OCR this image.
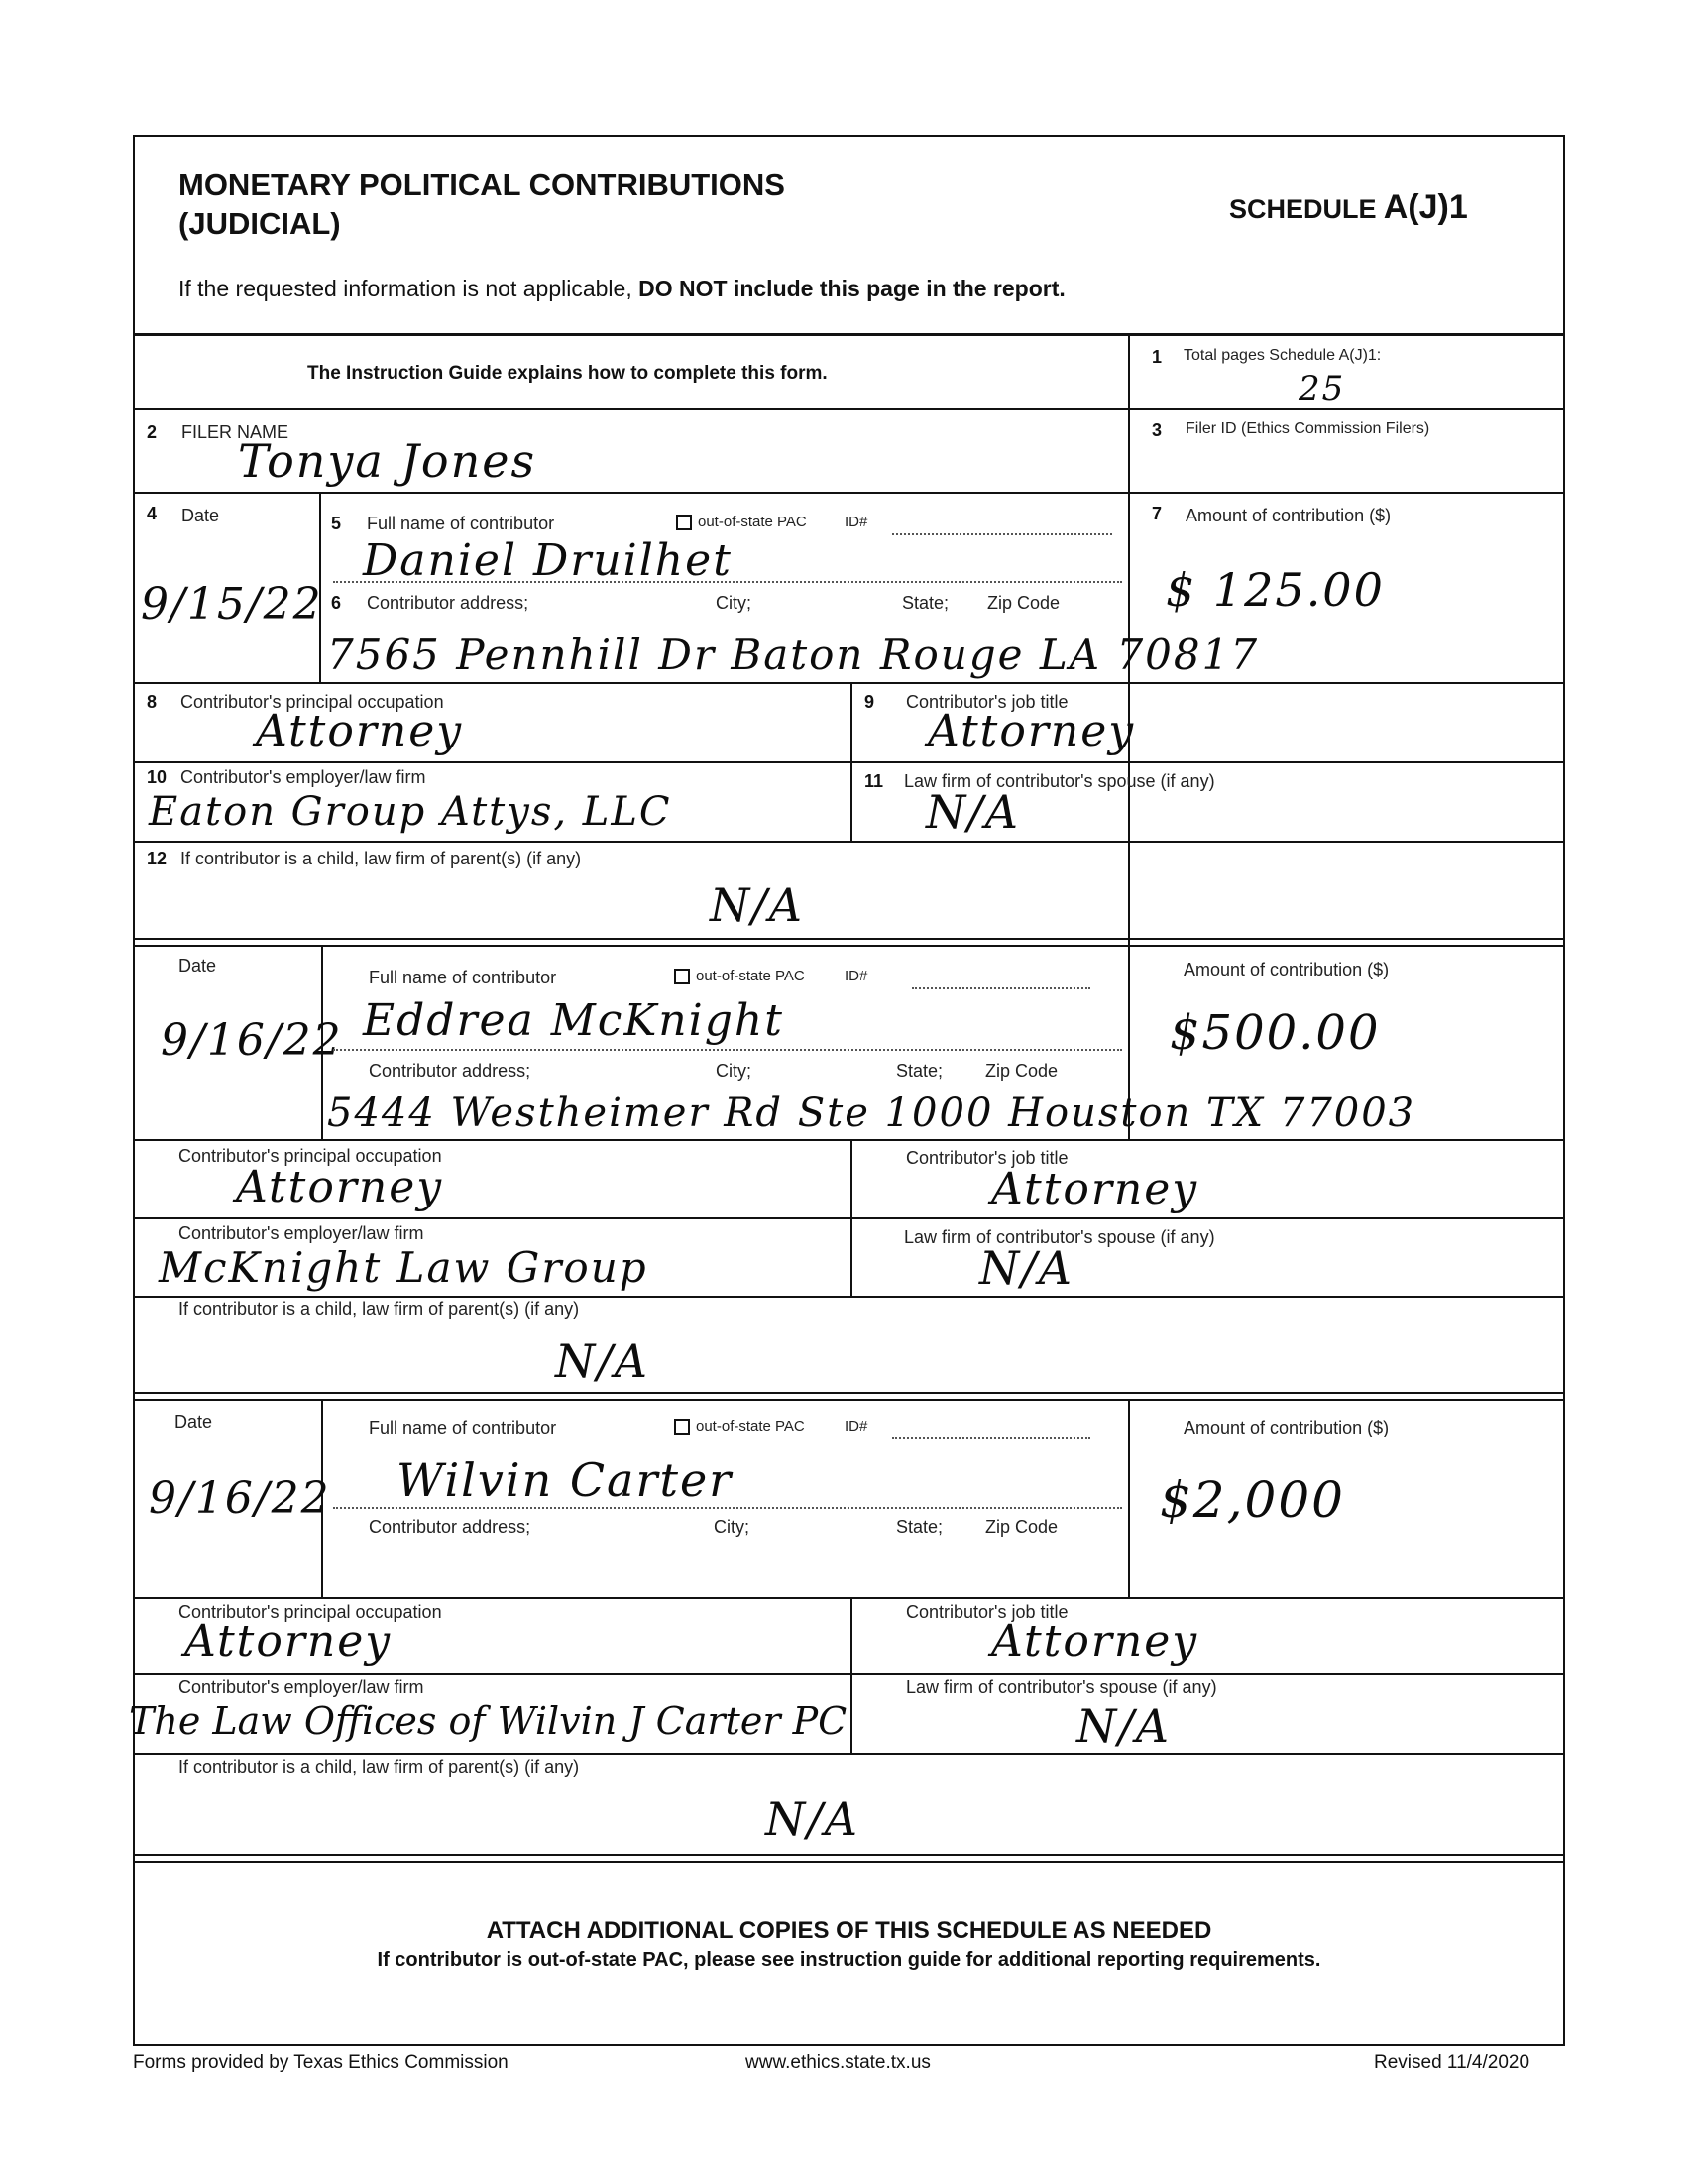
MONETARY POLITICAL CONTRIBUTIONS
(JUDICIAL)	SCHEDULE A(J)1
If the requested information is not applicable, DO NOT include this page in the report.
The Instruction Guide explains how to complete this form.
1 Total pages Schedule A(J)1:
25
2 FILER NAME
Tonya Jones
3 Filer ID (Ethics Commission Filers)
4 Date
9/15/22
5 Full name of contributor	out-of-state PAC	ID#
Daniel Druilhet
6 Contributor address;	City;	State; Zip Code
7565 Pennhill Dr Baton Rouge LA 70817
7 Amount of contribution ($)
$ 125.00
8 Contributor's principal occupation
Attorney
9 Contributor's job title
Attorney
10 Contributor's employer/law firm
Eaton Group Attys, LLC
11 Law firm of contributor's spouse (if any)
N/A
12 If contributor is a child, law firm of parent(s) (if any)
N/A
Date
9/16/22
Full name of contributor	out-of-state PAC	ID#
Eddrea McKnight
Contributor address;	City;	State; Zip Code
5444 Westheimer Rd Ste 1000 Houston TX 77003
Amount of contribution ($)
$500.00
Contributor's principal occupation
Attorney
Contributor's job title
Attorney
Contributor's employer/law firm
McKnight Law Group
Law firm of contributor's spouse (if any)
N/A
If contributor is a child, law firm of parent(s) (if any)
N/A
Date
9/16/22
Full name of contributor	out-of-state PAC	ID#
Wilvin Carter
Contributor address;	City;	State; Zip Code
Amount of contribution ($)
$2,000
Contributor's principal occupation
Attorney
Contributor's job title
Attorney
Contributor's employer/law firm
The Law Offices of Wilvin J Carter PC
Law firm of contributor's spouse (if any)
N/A
If contributor is a child, law firm of parent(s) (if any)
N/A
ATTACH ADDITIONAL COPIES OF THIS SCHEDULE AS NEEDED
If contributor is out-of-state PAC, please see instruction guide for additional reporting requirements.
Forms provided by Texas Ethics Commission	www.ethics.state.tx.us	Revised 11/4/2020
